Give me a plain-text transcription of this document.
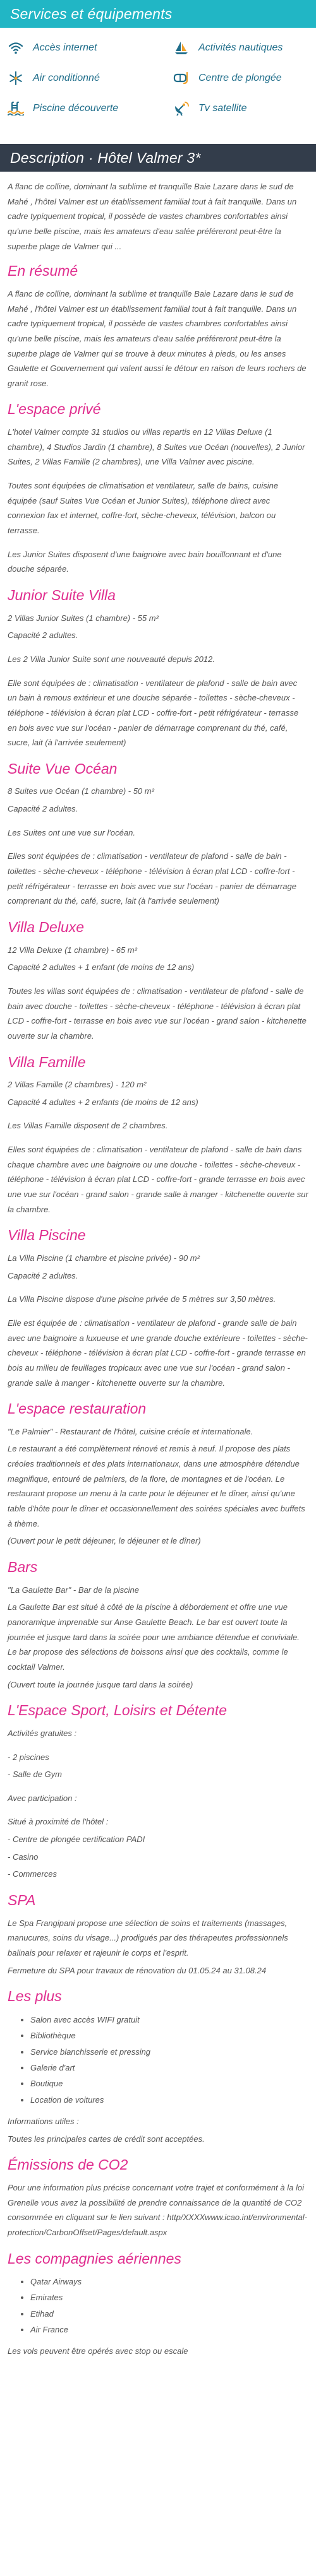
Services et équipements
Accès internet	Activités nautiques
Air conditionné	Centre de plongée
Piscine découverte	Tv satellite
Description · Hôtel Valmer 3*

A flanc de colline, dominant la sublime et tranquille Baie Lazare dans le sud de Mahé , l'hôtel Valmer est un établissement familial tout à fait tranquille. Dans un cadre typiquement tropical, il possède de vastes chambres confortables ainsi qu'une belle piscine, mais les amateurs d'eau salée préféreront peut-être la superbe plage de Valmer qui ...

En résumé

A flanc de colline, dominant la sublime et tranquille Baie Lazare dans le sud de Mahé , l'hôtel Valmer est un établissement familial tout à fait tranquille. Dans un cadre typiquement tropical, il possède de vastes chambres confortables ainsi qu'une belle piscine, mais les amateurs d'eau salée préféreront peut-être la superbe plage de Valmer qui se trouve à deux minutes à pieds, ou les anses Gaulette et Gouvernement qui valent aussi le détour en raison de leurs rochers de granit rose.

L'espace privé

L'hotel Valmer compte 31 studios ou villas repartis en 12 Villas Deluxe (1 chambre), 4 Studios Jardin (1 chambre), 8 Suites vue Océan (nouvelles), 2 Junior Suites, 2 Villas Famille (2 chambres), une Villa Valmer avec piscine.

Toutes sont équipées de climatisation et ventilateur, salle de bains, cuisine équipée (sauf Suites Vue Océan et Junior Suites), téléphone direct avec connexion fax et internet, coffre-fort, sèche-cheveux, télévision, balcon ou terrasse.

Les Junior Suites disposent d'une baignoire avec bain bouillonnant et d'une douche séparée.

Junior Suite Villa

2 Villas Junior Suites (1 chambre) - 55 m²

Capacité 2 adultes.

Les 2 Villa Junior Suite sont une nouveauté depuis 2012.

Elle sont équipées de : climatisation - ventilateur de plafond - salle de bain avec un bain à remous extérieur et une douche séparée - toilettes - sèche-cheveux - téléphone - télévision à écran plat LCD - coffre-fort - petit réfrigérateur - terrasse en bois avec vue sur l'océan - panier de démarrage comprenant du thé, café, sucre, lait (à l'arrivée seulement)

Suite Vue Océan

8 Suites vue Océan (1 chambre) - 50 m²

Capacité 2 adultes.

Les Suites ont une vue sur l'océan.

Elles sont équipées de : climatisation - ventilateur de plafond - salle de bain - toilettes - sèche-cheveux - téléphone - télévision à écran plat LCD - coffre-fort - petit réfrigérateur - terrasse en bois avec vue sur l'océan - panier de démarrage comprenant du thé, café, sucre, lait (à l'arrivée seulement)

Villa Deluxe

12 Villa Deluxe (1 chambre) - 65 m²

Capacité 2 adultes + 1 enfant (de moins de 12 ans)

Toutes les villas sont équipées de : climatisation - ventilateur de plafond - salle de bain avec douche - toilettes - sèche-cheveux - téléphone - télévision à écran plat LCD - coffre-fort - terrasse en bois avec vue sur l'océan - grand salon - kitchenette ouverte sur la chambre.

Villa Famille

2 Villas Famille (2 chambres) - 120 m²

Capacité 4 adultes + 2 enfants (de moins de 12 ans)

Les Villas Famille disposent de 2 chambres.

Elles sont équipées de : climatisation - ventilateur de plafond - salle de bain dans chaque chambre avec une baignoire ou une douche - toilettes - sèche-cheveux - téléphone - télévision à écran plat LCD - coffre-fort - grande terrasse en bois avec une vue sur l'océan - grand salon - grande salle à manger - kitchenette ouverte sur la chambre.

Villa Piscine

La Villa Piscine (1 chambre et piscine privée) - 90 m²

Capacité 2 adultes.

La Villa Piscine dispose d'une piscine privée de 5 mètres sur 3,50 mètres.

Elle est équipée de : climatisation - ventilateur de plafond - grande salle de bain avec une baignoire a luxueuse et une grande douche extérieure - toilettes - sèche-cheveux - téléphone - télévision à écran plat LCD - coffre-fort - grande terrasse en bois au milieu de feuillages tropicaux avec une vue sur l'océan - grand salon - grande salle à manger - kitchenette ouverte sur la chambre.

L'espace restauration

"Le Palmier" - Restaurant de l'hôtel, cuisine créole et internationale.

Le restaurant a été complètement rénové et remis à neuf. Il propose des plats créoles traditionnels et des plats internationaux, dans une atmosphère détendue magnifique, entouré de palmiers, de la flore, de montagnes et de l'océan. Le restaurant propose un menu à la carte pour le déjeuner et le dîner, ainsi qu'une table d'hôte pour le dîner et occasionnellement des soirées spéciales avec buffets à thème.

(Ouvert pour le petit déjeuner, le déjeuner et le dîner)

Bars

"La Gaulette Bar" - Bar de la piscine

La Gaulette Bar est situé à côté de la piscine à débordement et offre une vue panoramique imprenable sur Anse Gaulette Beach. Le bar est ouvert toute la journée et jusque tard dans la soirée pour une ambiance détendue et conviviale. Le bar propose des sélections de boissons ainsi que des cocktails, comme le cocktail Valmer.

(Ouvert toute la journée jusque tard dans la soirée)

L'Espace Sport, Loisirs et Détente

Activités gratuites :

- 2 piscines

- Salle de Gym

Avec participation :

Situé à proximité de l'hôtel :

- Centre de plongée certification PADI

- Casino

- Commerces

SPA

Le Spa Frangipani propose une sélection de soins et traitements (massages, manucures, soins du visage...) prodigués par des thérapeutes professionnels balinais pour relaxer et rajeunir le corps et l'esprit.

Fermeture du SPA pour travaux de rénovation du 01.05.24 au 31.08.24

Les plus
• Salon avec accès WIFI gratuit
• Bibliothèque
• Service blanchisserie et pressing
• Galerie d'art
• Boutique
• Location de voitures

Informations utiles :

Toutes les principales cartes de crédit sont acceptées.

Émissions de CO2

Pour une information plus précise concernant votre trajet et conformément à la loi Grenelle vous avez la possibilité de prendre connaissance de la quantité de CO2 consommée en cliquant sur le lien suivant : http/XXXXwww.icao.int/environmental-protection/CarbonOffset/Pages/default.aspx

Les compagnies aériennes
• Qatar Airways
• Emirates
• Etihad
• Air France

Les vols peuvent être opérés avec stop ou escale
